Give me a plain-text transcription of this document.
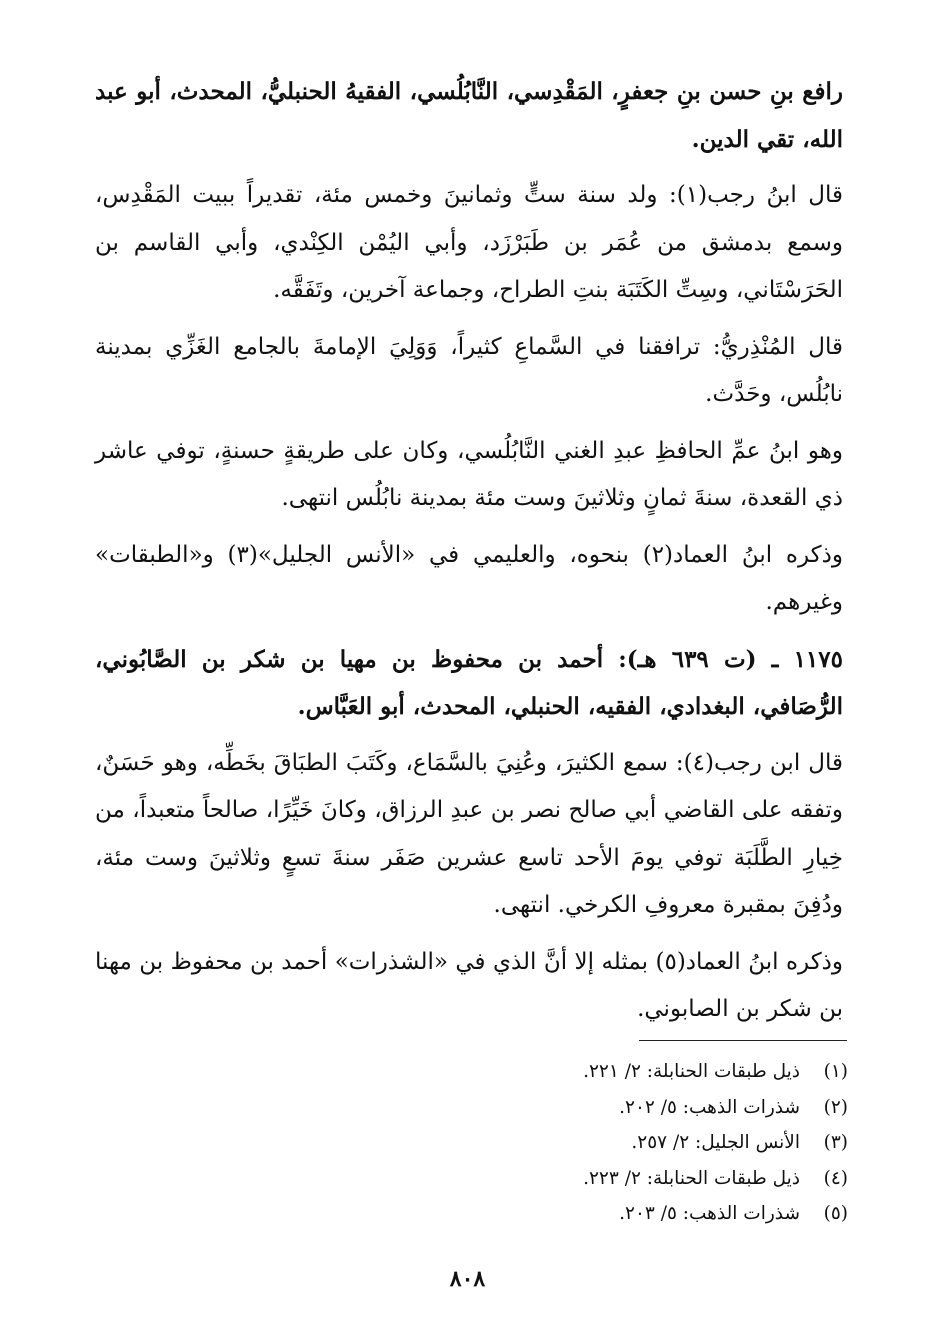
رافع بنِ حسن بنِ جعفرٍ، المَقْدِسي، النَّابُلُسي، الفقيهُ الحنبليُّ، المحدث، أبو عبد الله، تقي الدين.

قال ابنُ رجب(١): ولد سنة ستٍّ وثمانينَ وخمس مئة، تقديراً ببيت المَقْدِس، وسمع بدمشق من عُمَر بن طَبَرْزَد، وأبي اليُمْن الكِنْدي، وأبي القاسم بن الحَرَسْتَاني، وسِتِّ الكَتَبَة بنتِ الطراح، وجماعة آخرين، وتَفَقَّه.

قال المُنْذِريُّ: ترافقنا في السَّماعِ كثيراً، وَوَلِيَ الإمامةَ بالجامع الغَزِّي بمدينة نابُلُس، وحَدَّث.

وهو ابنُ عمِّ الحافظِ عبدِ الغني النَّابُلُسي، وكان على طريقةٍ حسنةٍ، توفي عاشر ذي القعدة، سنةَ ثمانٍ وثلاثينَ وست مئة بمدينة نابُلُس انتهى.

وذكره ابنُ العماد(٢) بنحوه، والعليمي في «الأنس الجليل»(٣) و«الطبقات» وغيرهم.

١١٧٥ ـ (ت ٦٣٩ هـ): أحمد بن محفوظ بن مهيا بن شكر بن الصَّابُوني، الرُّصَافي، البغدادي، الفقيه، الحنبلي، المحدث، أبو العَبَّاس.

قال ابن رجب(٤): سمع الكثيرَ، وعُنِيَ بالسَّمَاع، وكَتَبَ الطبَاقَ بخَطِّه، وهو حَسَنٌ، وتفقه على القاضي أبي صالح نصر بن عبدِ الرزاق، وكانَ خَيِّرًا، صالحاً متعبداً، من خِيارِ الطَّلَبَة توفي يومَ الأحد تاسع عشرين صَفَر سنةَ تسعٍ وثلاثينَ وست مئة، ودُفِنَ بمقبرة معروفِ الكرخي. انتهى.

وذكره ابنُ العماد(٥) بمثله إلا أنَّ الذي في «الشذرات» أحمد بن محفوظ بن مهنا بن شكر بن الصابوني.

(١)
ذيل طبقات الحنابلة: ٢/ ٢٢١.
(٢)
شذرات الذهب: ٥/ ٢٠٢.
(٣)
الأنس الجليل: ٢/ ٢٥٧.
(٤)
ذيل طبقات الحنابلة: ٢/ ٢٢٣.
(٥)
شذرات الذهب: ٥/ ٢٠٣.
٨٠٨
